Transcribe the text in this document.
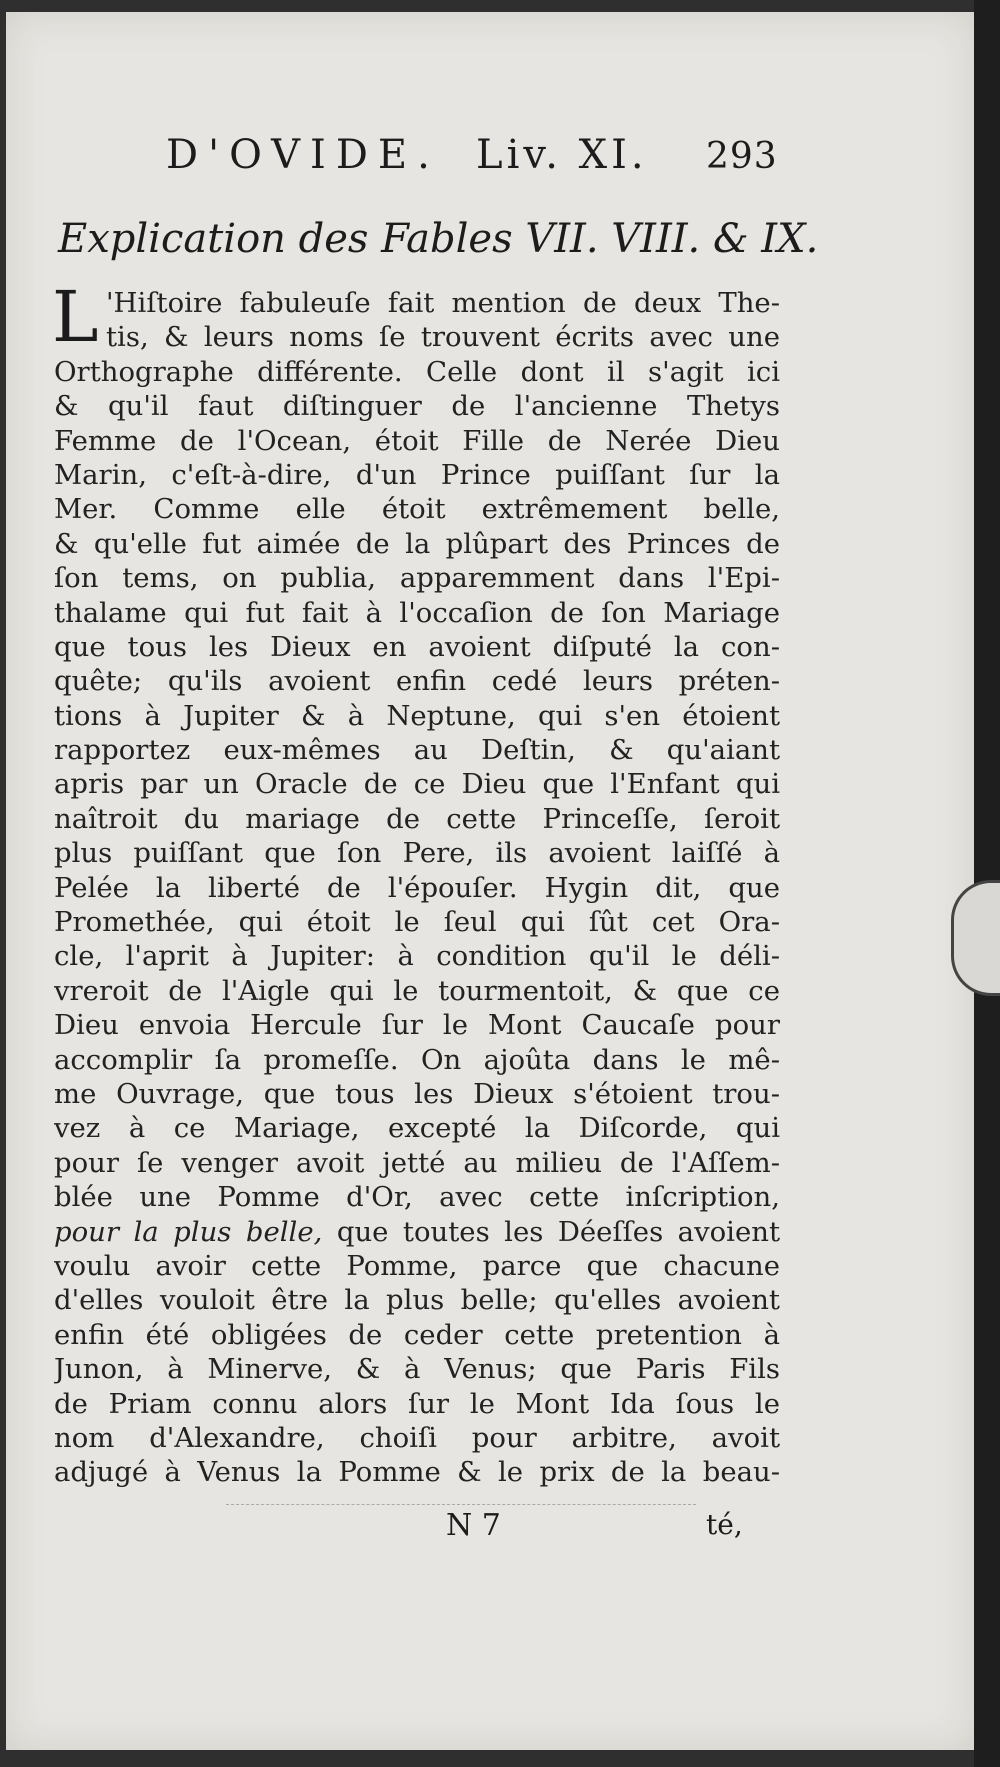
D'OVIDE. Liv. XI. 293
Explication des Fables VII. VIII. & IX.
L 'Hiſtoire fabuleuſe fait mention de deux The-
tis, & leurs noms ſe trouvent écrits avec une
Orthographe différente. Celle dont il s'agit ici
& qu'il faut diſtinguer de l'ancienne Thetys
Femme de l'Ocean, étoit Fille de Nerée Dieu
Marin, c'eſt-à-dire, d'un Prince puiſſant ſur la
Mer. Comme elle étoit extrêmement belle,
& qu'elle fut aimée de la plûpart des Princes de
ſon tems, on publia, apparemment dans l'Epi-
thalame qui fut fait à l'occaſion de ſon Mariage
que tous les Dieux en avoient diſputé la con-
quête; qu'ils avoient enfin cedé leurs préten-
tions à Jupiter & à Neptune, qui s'en étoient
rapportez eux-mêmes au Deſtin, & qu'aiant
apris par un Oracle de ce Dieu que l'Enfant qui
naîtroit du mariage de cette Princeſſe, ſeroit
plus puiſſant que ſon Pere, ils avoient laiſſé à
Pelée la liberté de l'épouſer. Hygin dit, que
Promethée, qui étoit le ſeul qui ſût cet Ora-
cle, l'aprit à Jupiter: à condition qu'il le déli-
vreroit de l'Aigle qui le tourmentoit, & que ce
Dieu envoia Hercule ſur le Mont Caucaſe pour
accomplir ſa promeſſe. On ajoûta dans le mê-
me Ouvrage, que tous les Dieux s'étoient trou-
vez à ce Mariage, excepté la Diſcorde, qui
pour ſe venger avoit jetté au milieu de l'Aſſem-
blée une Pomme d'Or, avec cette inſcription,
pour la plus belle, que toutes les Déeſſes avoient
voulu avoir cette Pomme, parce que chacune
d'elles vouloit être la plus belle; qu'elles avoient
enfin été obligées de ceder cette pretention à
Junon, à Minerve, & à Venus; que Paris Fils
de Priam connu alors ſur le Mont Ida ſous le
nom d'Alexandre, choiſi pour arbitre, avoit
adjugé à Venus la Pomme & le prix de la beau-
N 7	té,
